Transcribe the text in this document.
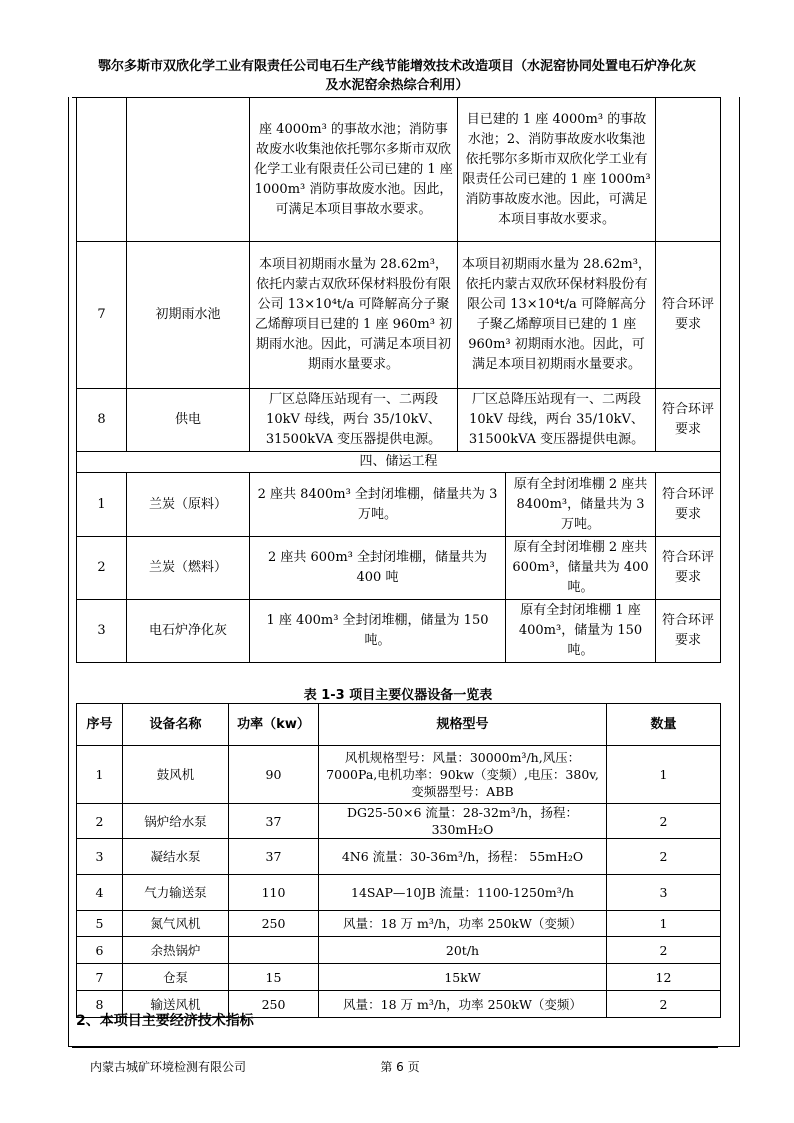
鄂尔多斯市双欣化学工业有限责任公司电石生产线节能增效技术改造项目（水泥窑协同处置电石炉净化灰
及水泥窑余热综合利用）
		座 4000m³ 的事故水池；消防事故废水收集池依托鄂尔多斯市双欣化学工业有限责任公司已建的 1 座 1000m³ 消防事故废水池。因此，可满足本项目事故水要求。	目已建的 1 座 4000m³ 的事故水池；2、消防事故废水收集池依托鄂尔多斯市双欣化学工业有限责任公司已建的 1 座 1000m³ 消防事故废水池。因此，可满足本项目事故水要求。		
7	初期雨水池	本项目初期雨水量为 28.62m³，依托内蒙古双欣环保材料股份有限公司 13×10⁴t/a 可降解高分子聚乙烯醇项目已建的 1 座 960m³ 初期雨水池。因此，可满足本项目初期雨水量要求。	本项目初期雨水量为 28.62m³，依托内蒙古双欣环保材料股份有限公司 13×10⁴t/a 可降解高分子聚乙烯醇项目已建的 1 座 960m³ 初期雨水池。因此，可满足本项目初期雨水量要求。		符合环评要求
8	供电	厂区总降压站现有一、二两段 10kV 母线，两台 35/10kV、31500kVA 变压器提供电源。	厂区总降压站现有一、二两段 10kV 母线，两台 35/10kV、31500kVA 变压器提供电源。		符合环评要求
四、储运工程					
1	兰炭（原料）	2 座共 8400m³ 全封闭堆棚，储量共为 3 万吨。		原有全封闭堆棚 2 座共 8400m³，储量共为 3 万吨。	符合环评要求
2	兰炭（燃料）	2 座共 600m³ 全封闭堆棚，储量共为 400 吨		原有全封闭堆棚 2 座共 600m³，储量共为 400 吨。	符合环评要求
3	电石炉净化灰	1 座 400m³ 全封闭堆棚，储量为 150 吨。		原有全封闭堆棚 1 座 400m³，储量为 150 吨。	符合环评要求
表 1-3 项目主要仪器设备一览表
序号	设备名称	功率（kw）	规格型号	数量
1	鼓风机	90	风机规格型号：风量：30000m³/h,风压：7000Pa,电机功率：90kw（变频）,电压：380v,变频器型号：ABB	1
2	锅炉给水泵	37	DG25-50×6 流量：28-32m³/h，扬程： 330mH₂O	2
3	凝结水泵	37	4N6 流量：30-36m³/h，扬程： 55mH₂O	2
4	气力输送泵	110	14SAP—10JB 流量：1100-1250m³/h	3
5	氮气风机	250	风量：18 万 m³/h，功率 250kW（变频）	1
6	余热锅炉		20t/h	2
7	仓泵	15	15kW	12
8	输送风机	250	风量：18 万 m³/h，功率 250kW（变频）	2
2、本项目主要经济技术指标
内蒙古城矿环境检测有限公司	第 6 页
